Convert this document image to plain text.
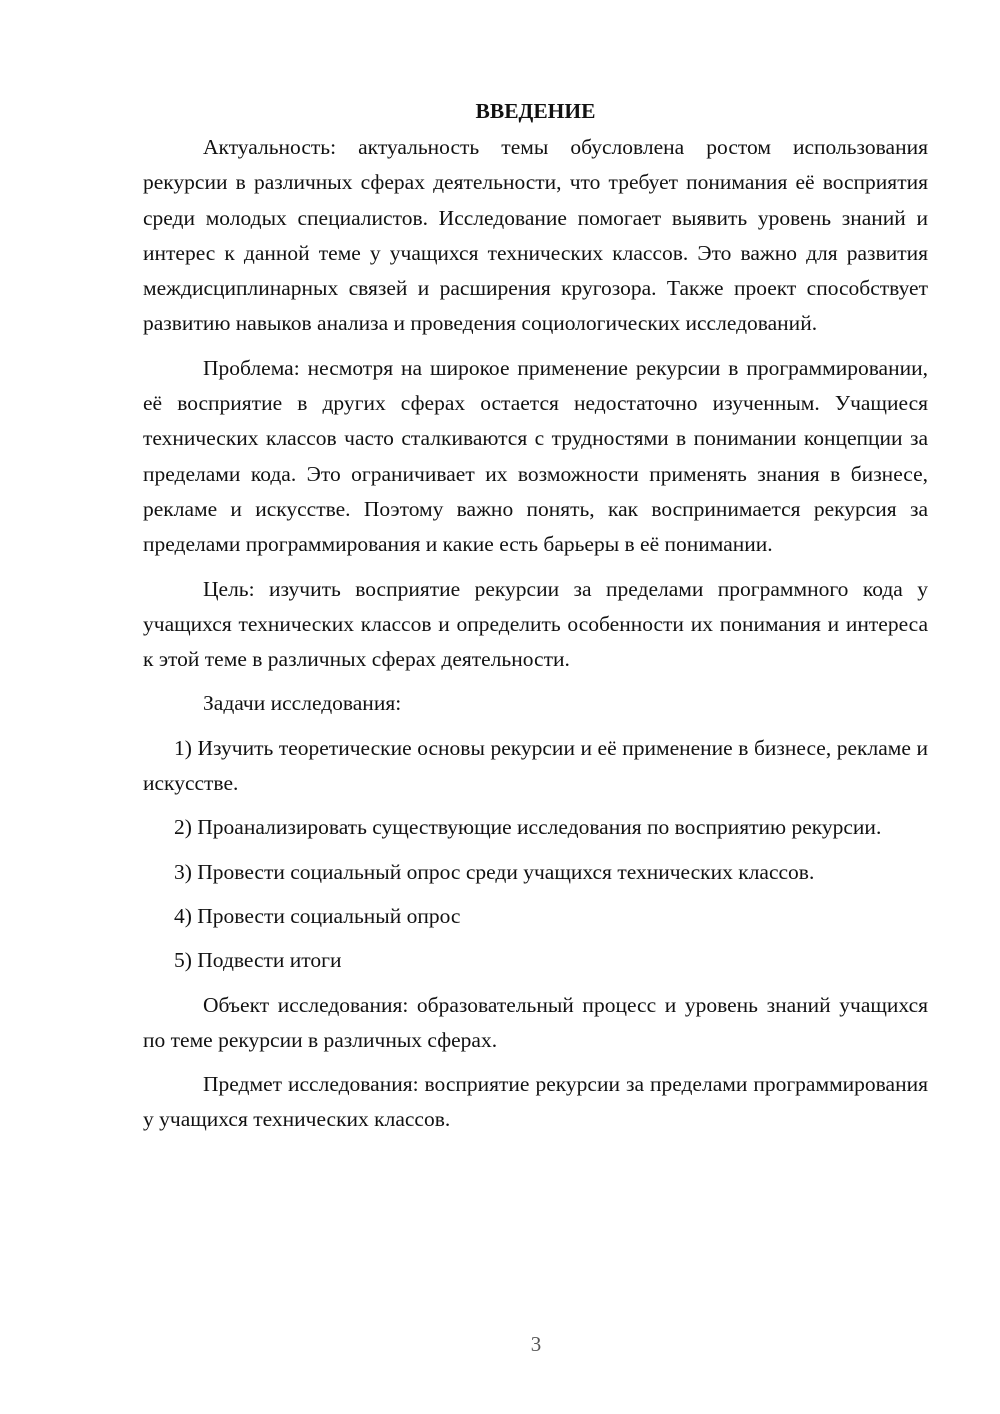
ВВЕДЕНИЕ

Актуальность: актуальность темы обусловлена ростом использования рекурсии в различных сферах деятельности, что требует понимания её восприятия среди молодых специалистов. Исследование помогает выявить уровень знаний и интерес к данной теме у учащихся технических классов. Это важно для развития междисциплинарных связей и расширения кругозора. Также проект способствует развитию навыков анализа и проведения социологических исследований.

Проблема: несмотря на широкое применение рекурсии в программировании, её восприятие в других сферах остается недостаточно изученным. Учащиеся технических классов часто сталкиваются с трудностями в понимании концепции за пределами кода. Это ограничивает их возможности применять знания в бизнесе, рекламе и искусстве. Поэтому важно понять, как воспринимается рекурсия за пределами программирования и какие есть барьеры в её понимании.

Цель: изучить восприятие рекурсии за пределами программного кода у учащихся технических классов и определить особенности их понимания и интереса к этой теме в различных сферах деятельности.

Задачи исследования:

1) Изучить теоретические основы рекурсии и её применение в бизнесе, рекламе и искусстве.

2) Проанализировать существующие исследования по восприятию рекурсии.

3) Провести социальный опрос среди учащихся технических классов.

4) Провести социальный опрос

5) Подвести итоги

Объект исследования: образовательный процесс и уровень знаний учащихся по теме рекурсии в различных сферах.

Предмет исследования: восприятие рекурсии за пределами программирования у учащихся технических классов.

3
